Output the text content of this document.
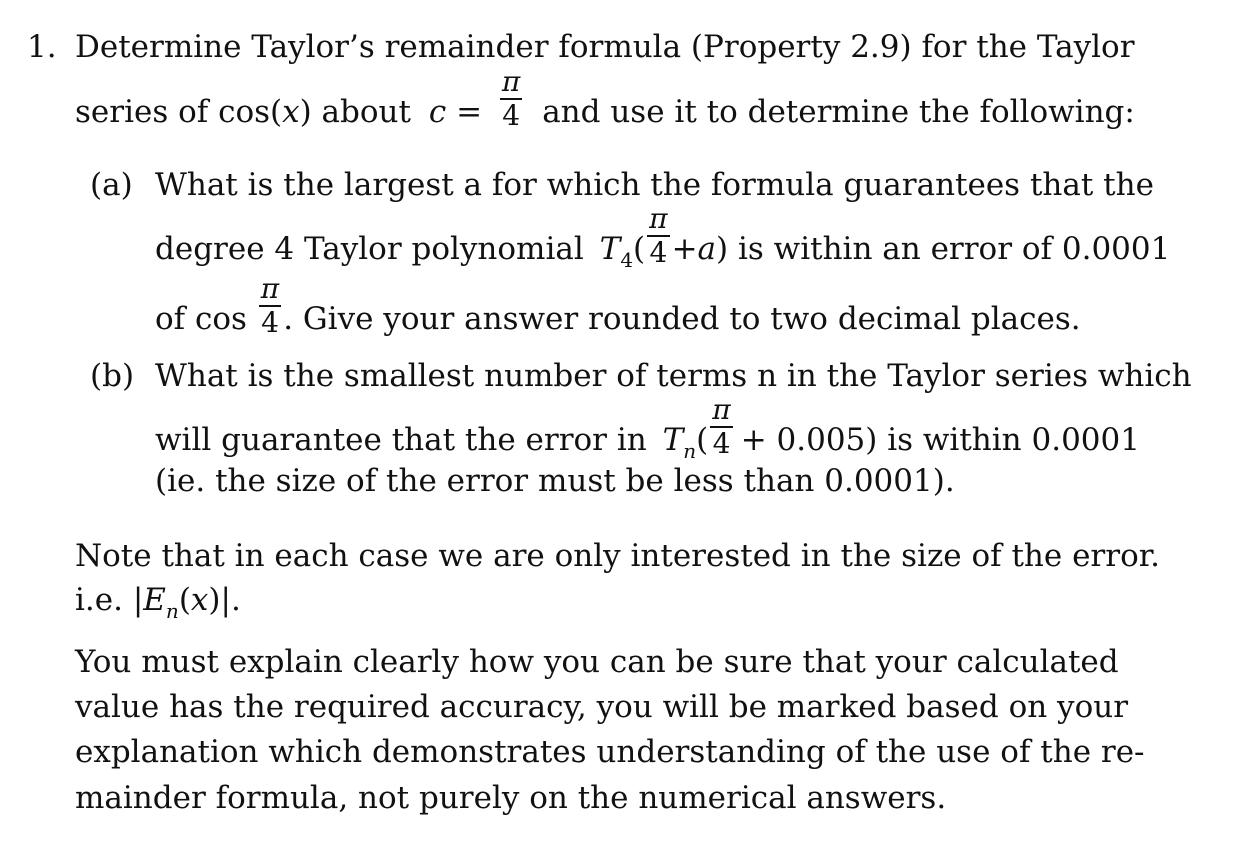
1. Determine Taylor’s remainder formula (Property 2.9) for the Taylor
series of cos(x) about $c = \frac{\pi}{4}$ and use it to determine the following:
(a) What is the largest a for which the formula guarantees that the
degree 4 Taylor polynomial $T_4( \frac{\pi}{4} +a)$ is within an error of 0.0001
of $\cos \frac{\pi}{4}$ . Give your answer rounded to two decimal places.
(b) What is the smallest number of terms n in the Taylor series which
will guarantee that the error in $T_n( \frac{\pi}{4} + 0.005)$ is within 0.0001
(ie. the size of the error must be less than 0.0001).
Note that in each case we are only interested in the size of the error.
i.e. $|E_n(x)|$.
You must explain clearly how you can be sure that your calculated
value has the required accuracy, you will be marked based on your
explanation which demonstrates understanding of the use of the re-
mainder formula, not purely on the numerical answers.
